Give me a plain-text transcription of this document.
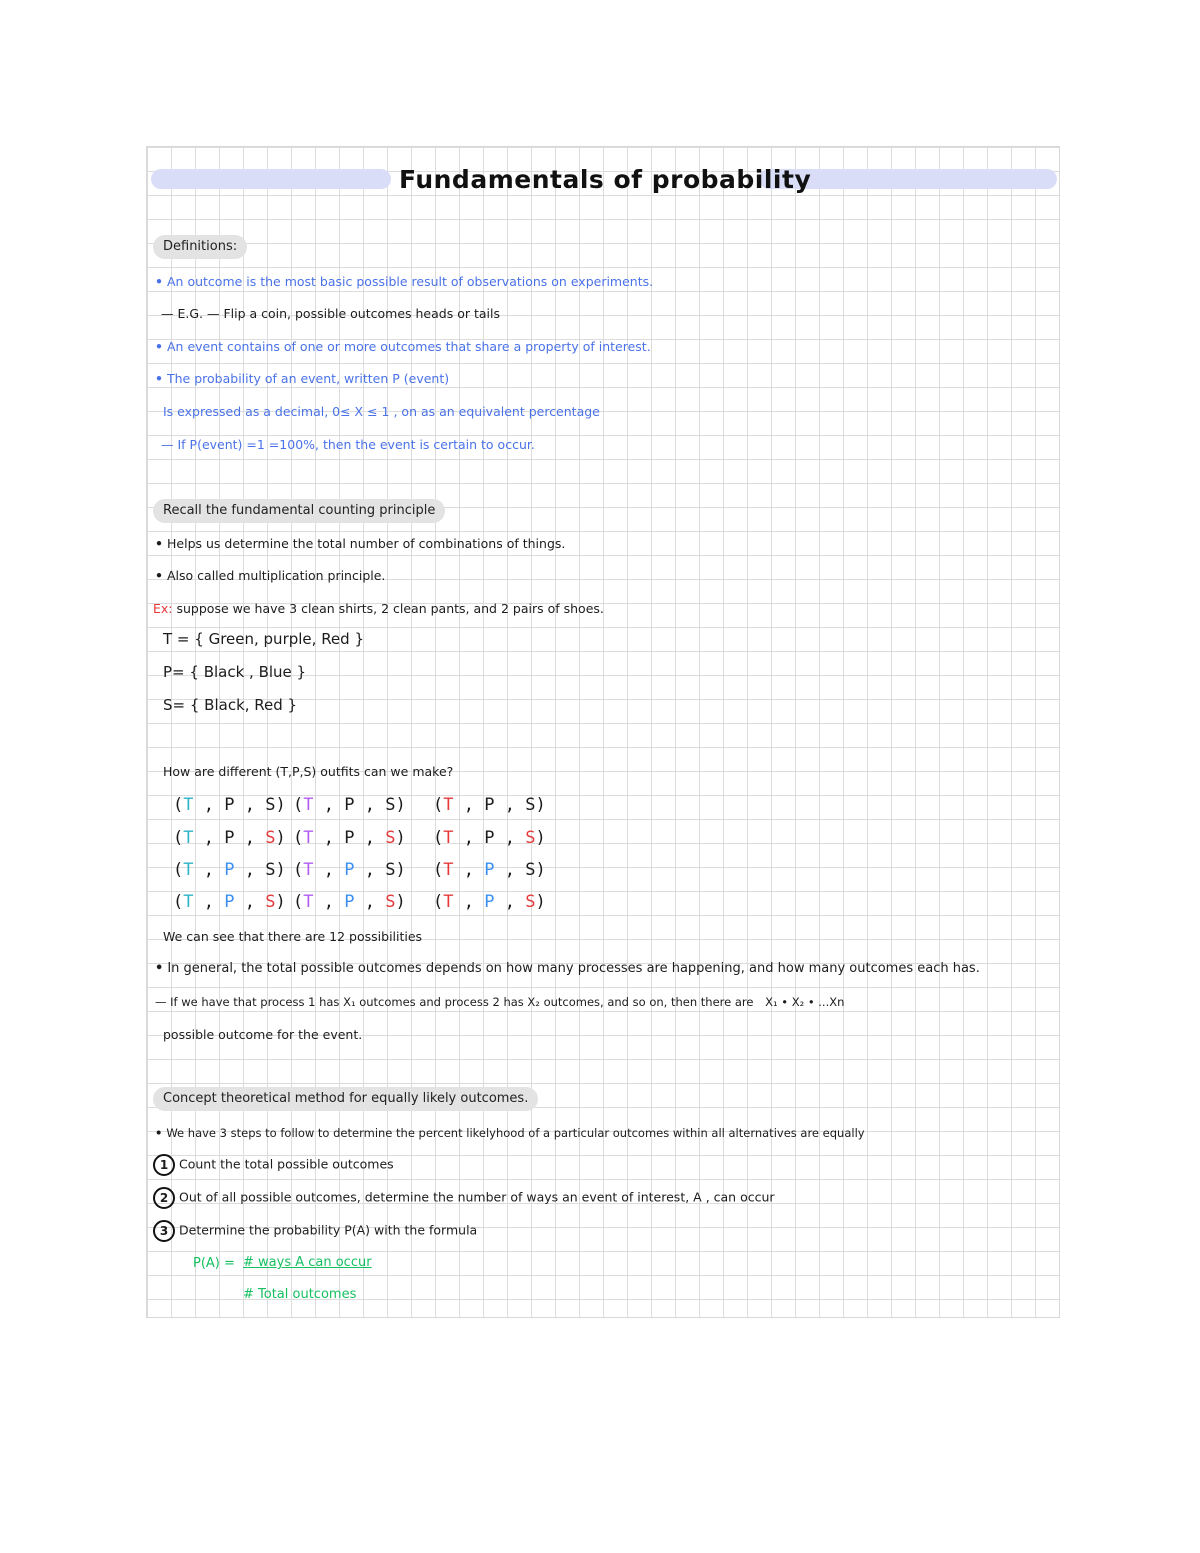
Fundamentals of probability
Definitions:
• An outcome is the most basic possible result of observations on experiments.
— E.G. — Flip a coin, possible outcomes heads or tails
• An event contains of one or more outcomes that share a property of interest.
• The probability of an event, written P (event)
Is expressed as a decimal, 0≤ X ≤ 1 , on as an equivalent percentage
— If P(event) =1 =100%, then the event is certain to occur.
Recall the fundamental counting principle
• Helps us determine the total number of combinations of things.
• Also called multiplication principle.
Ex: suppose we have 3 clean shirts, 2 clean pants, and 2 pairs of shoes.
T = { Green, purple, Red }
P= { Black , Blue }
S= { Black, Red }
How are different (T,P,S) outfits can we make?
(T , P , S) (T , P , S) (T , P , S)
(T , P , S) (T , P , S) (T , P , S)
(T , P , S) (T , P , S) (T , P , S)
(T , P , S) (T , P , S) (T , P , S)
We can see that there are 12 possibilities
• In general, the total possible outcomes depends on how many processes are happening, and how many outcomes each has.
— If we have that process 1 has X₁ outcomes and process 2 has X₂ outcomes, and so on, then there are X₁ • X₂ • ...Xn
possible outcome for the event.
Concept theoretical method for equally likely outcomes.
• We have 3 steps to follow to determine the percent likelyhood of a particular outcomes within all alternatives are equally
1 Count the total possible outcomes
2 Out of all possible outcomes, determine the number of ways an event of interest, A , can occur
3 Determine the probability P(A) with the formula
P(A) = # ways A can occur
# Total outcomes
